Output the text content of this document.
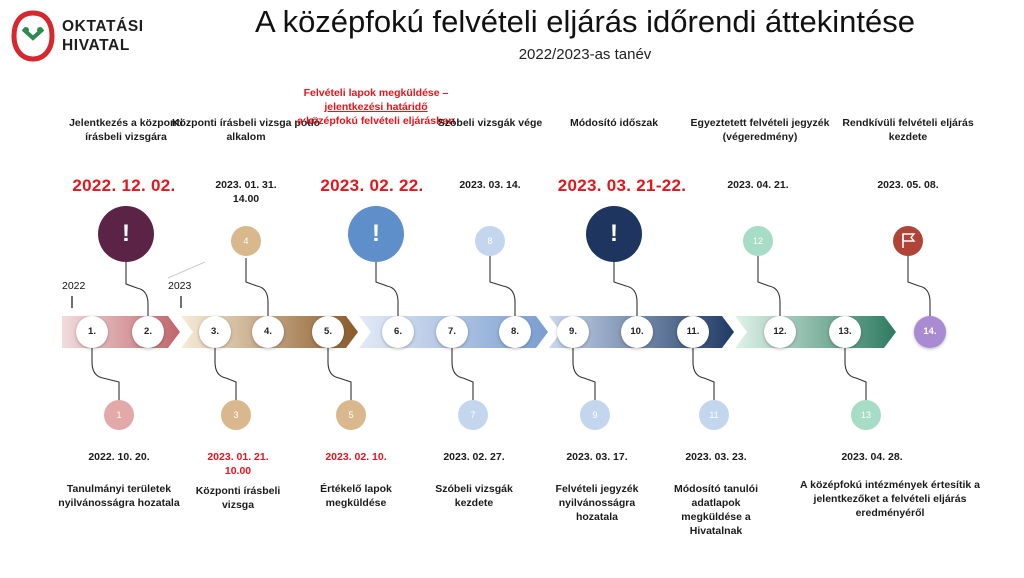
OKTATÁSI
HIVATAL
A középfokú felvételi eljárás időrendi áttekintése
2022/2023-as tanév
2022	2023
1.	2.	3.	4.	5.	6.	7.	8.	9.	10.	11.	12.	13.	14.
Jelentkezés a központi írásbeli vizsgára
2022. 12. 02.
!
Központi írásbeli vizsga pótló alkalom
2023. 01. 31.
14.00
4
Felvételi lapok megküldése –
jelentkezési határidő
a középfokú felvételi eljárásban
2023. 02. 22.
!
Szóbeli vizsgák vége
2023. 03. 14.
8
Módosító időszak
2023. 03. 21-22.
!
Egyeztetett felvételi jegyzék (végeredmény)
2023. 04. 21.
12
Rendkívüli felvételi eljárás kezdete
2023. 05. 08.
1
2022. 10. 20.
Tanulmányi területek nyilvánosságra hozatala
3
2023. 01. 21.
10.00
Központi írásbeli vizsga
5
2023. 02. 10.
Értékelő lapok megküldése
7
2023. 02. 27.
Szóbeli vizsgák kezdete
9
2023. 03. 17.
Felvételi jegyzék nyilvánosságra hozatala
11
2023. 03. 23.
Módosító tanulói adatlapok megküldése a Hivatalnak
13
2023. 04. 28.
A középfokú intézmények értesítik a jelentkezőket a felvételi eljárás eredményéről
